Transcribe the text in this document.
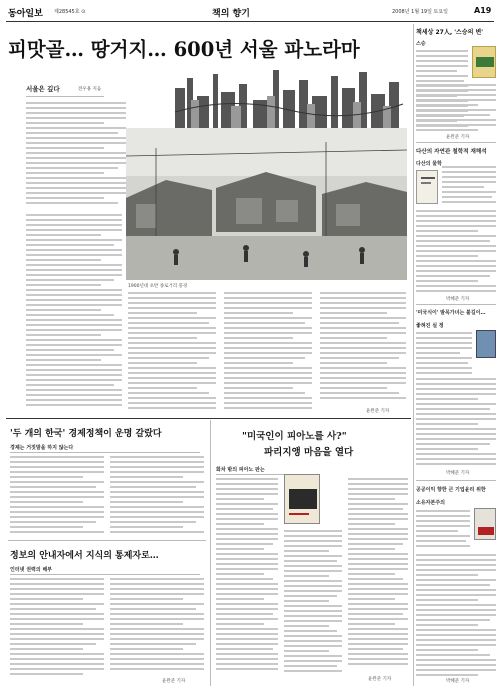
동아일보 제28545호 ⊙	책의 향기	2008년 1월 19일 토요일	A19
피맛골… 땅거지… 600년 서울 파노라마
서울은 깊다	전우용 지음
1900년대 초반 종로거리 풍경
윤완준 기자
책세상 27人, '스승의 변'
스승
윤완준 기자
다산의 자연관 철학적 재해석
다산의 물학
박혜준 기자
'미국식이' 발목가녀는 불길이…
좋혀진 실 정
박혜준 기자
공공이익 향한 큰 기업윤리 위한
소유자본주의
박혜준 기자
'두 개의 한국' 경제정책이 운명 갈랐다
경제는 거짓말을 하지 않는다
정보의 안내자에서 지식의 통제자로…
인터넷 권력의 해부
윤완준 기자
"미국인이 피아노를 사?"
파리지앵 마음을 열다
화차 밖의 피아노 판는
윤완준 기자
